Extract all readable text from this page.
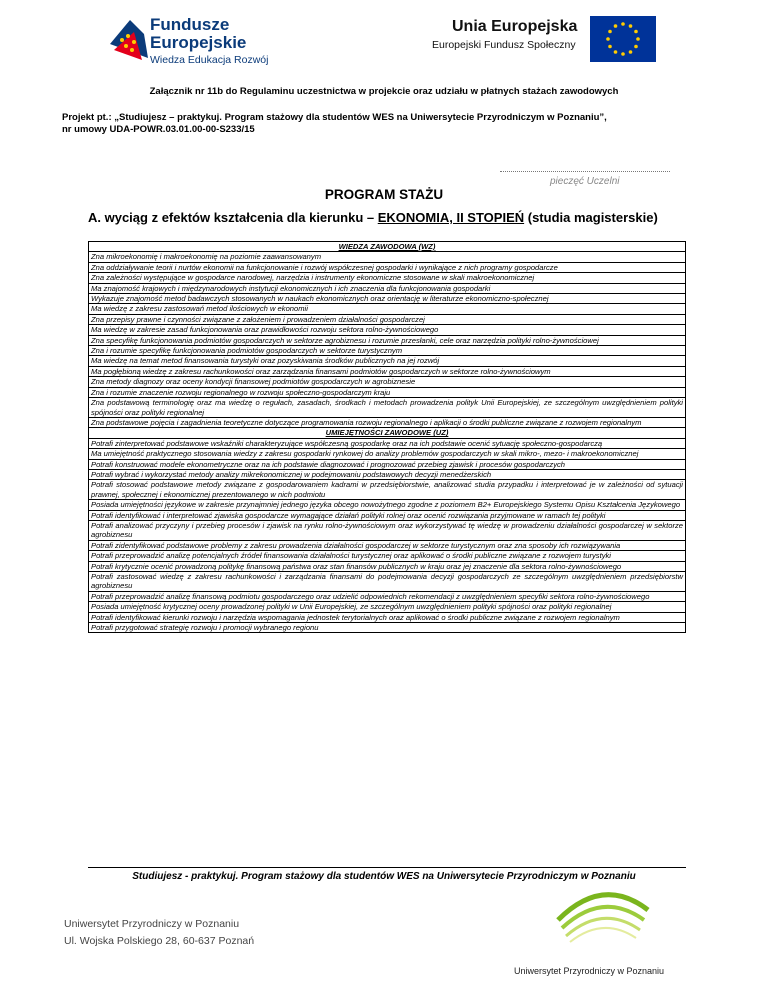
Fundusze
Europejskie
Wiedza Edukacja Rozwój
Unia Europejska
Europejski Fundusz Społeczny
Załącznik nr 11b do Regulaminu uczestnictwa w projekcie oraz udziału w płatnych stażach zawodowych
Projekt pt.: „Studiujesz – praktykuj. Program stażowy dla studentów WES na Uniwersytecie Przyrodniczym w Poznaniu”,
nr umowy UDA-POWR.03.01.00-00-S233/15
pieczęć Uczelni
PROGRAM STAŻU
A. wyciąg z efektów kształcenia dla kierunku – EKONOMIA, II STOPIEŃ (studia magisterskie)
WIEDZA ZAWODOWA (WZ)
Zna mikroekonomię i makroekonomię na poziomie zaawansowanym
Zna oddziaływanie teorii i nurtów ekonomii na funkcjonowanie i rozwój współczesnej gospodarki i wynikające z nich programy gospodarcze
Zna zależności występujące w gospodarce narodowej, narzędzia i instrumenty ekonomiczne stosowane w skali makroekonomicznej
Ma znajomość krajowych i międzynarodowych instytucji ekonomicznych i ich znaczenia dla funkcjonowania gospodarki
Wykazuje znajomość metod badawczych stosowanych w naukach ekonomicznych oraz orientację w literaturze ekonomiczno-społecznej
Ma wiedzę z zakresu zastosowań metod ilościowych w ekonomii
Zna przepisy prawne i czynności związane z założeniem i prowadzeniem działalności gospodarczej
Ma wiedzę w zakresie zasad funkcjonowania oraz prawidłowości rozwoju sektora rolno-żywnościowego
Zna specyfikę funkcjonowania podmiotów gospodarczych w sektorze agrobiznesu i rozumie przesłanki, cele oraz narzędzia polityki rolno-żywnościowej
Zna i rozumie specyfikę funkcjonowania podmiotów gospodarczych w sektorze turystycznym
Ma wiedzę na temat metod finansowania turystyki oraz pozyskiwania środków publicznych na jej rozwój
Ma pogłębioną wiedzę z zakresu rachunkowości oraz zarządzania finansami podmiotów gospodarczych w sektorze rolno-żywnościowym
Zna metody diagnozy oraz oceny kondycji finansowej podmiotów gospodarczych w agrobiznesie
Zna i rozumie znaczenie rozwoju regionalnego w rozwoju społeczno-gospodarczym kraju
Zna podstawową terminologię oraz ma wiedzę o regułach, zasadach, środkach i metodach prowadzenia polityk Unii Europejskiej, ze szczególnym uwzględnieniem polityki spójności oraz polityki regionalnej
Zna podstawowe pojęcia i zagadnienia teoretyczne dotyczące programowania rozwoju regionalnego i aplikacji o środki publiczne związane z rozwojem regionalnym
UMIEJĘTNOŚCI ZAWODOWE (UZ)
Potrafi zinterpretować podstawowe wskaźniki charakteryzujące współczesną gospodarkę oraz na ich podstawie ocenić sytuację społeczno-gospodarczą
Ma umiejętność praktycznego stosowania wiedzy z zakresu gospodarki rynkowej do analizy problemów gospodarczych w skali mikro-, mezo- i makroekonomicznej
Potrafi konstruować modele ekonometryczne oraz na ich podstawie diagnozować i prognozować przebieg zjawisk i procesów gospodarczych
Potrafi wybrać i wykorzystać metody analizy mikrekonomicznej w podejmowaniu podstawowych decyzji menedżerskich
Potrafi stosować podstawowe metody związane z gospodarowaniem kadrami w przedsiębiorstwie, analizować studia przypadku i interpretować je w zależności od sytuacji prawnej, społecznej i ekonomicznej prezentowanego w nich podmiotu
Posiada umiejętności językowe w zakresie przynajmniej jednego języka obcego nowożytnego zgodne z poziomem B2+ Europejskiego Systemu Opisu Kształcenia Językowego
Potrafi identyfikować i interpretować zjawiska gospodarcze wymagające działań polityki rolnej oraz ocenić rozwiązania przyjmowane w ramach tej polityki
Potrafi analizować przyczyny i przebieg procesów i zjawisk na rynku rolno-żywnościowym oraz wykorzystywać tę wiedzę w prowadzeniu działalności gospodarczej w sektorze agrobiznesu
Potrafi zidentyfikować podstawowe problemy z zakresu prowadzenia działalności gospodarczej w sektorze turystycznym oraz zna sposoby ich rozwiązywania
Potrafi przeprowadzić analizę potencjalnych źródeł finansowania działalności turystycznej oraz aplikować o środki publiczne związane z rozwojem turystyki
Potrafi krytycznie ocenić prowadzoną politykę finansową państwa oraz stan finansów publicznych w kraju oraz jej znaczenie dla sektora rolno-żywnościowego
Potrafi zastosować wiedzę z zakresu rachunkowości i zarządzania finansami do podejmowania decyzji gospodarczych ze szczególnym uwzględnieniem przedsiębiorstw agrobiznesu
Potrafi przeprowadzić analizę finansową podmiotu gospodarczego oraz udzielić odpowiednich rekomendacji z uwzględnieniem specyfiki sektora rolno-żywnościowego
Posiada umiejętność krytycznej oceny prowadzonej polityki w Unii Europejskiej, ze szczególnym uwzględnieniem polityki spójności oraz polityki regionalnej
Potrafi identyfikować kierunki rozwoju i narzędzia wspomagania jednostek terytorialnych oraz aplikować o środki publiczne związane z rozwojem regionalnym
Potrafi przygotować strategię rozwoju i promocji wybranego regionu
Studiujesz - praktykuj. Program stażowy dla studentów WES na Uniwersytecie Przyrodniczym w Poznaniu
Uniwersytet Przyrodniczy w Poznaniu
Ul. Wojska Polskiego 28, 60-637 Poznań
Uniwersytet Przyrodniczy w Poznaniu
